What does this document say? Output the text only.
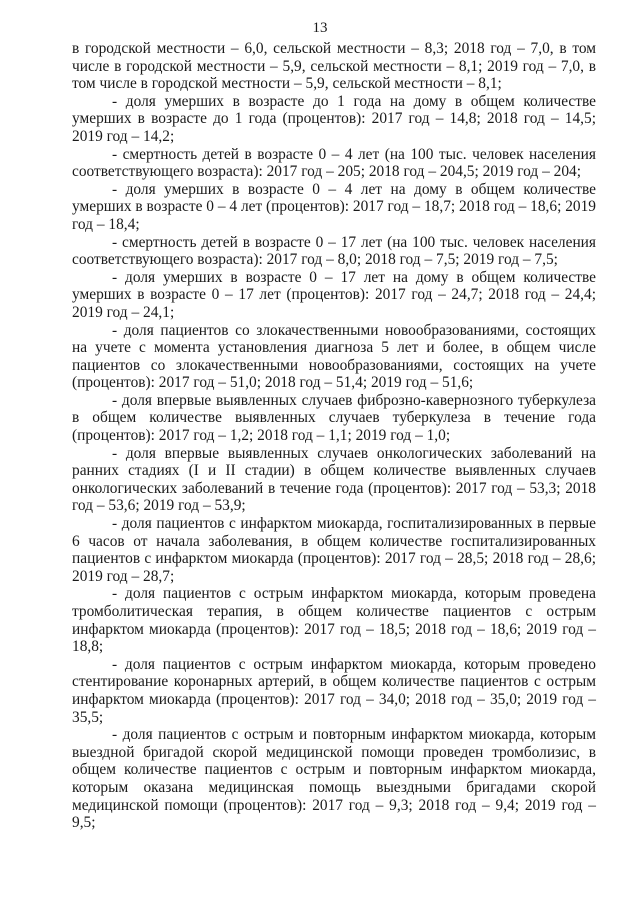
13

в городской местности – 6,0, сельской местности – 8,3; 2018 год – 7,0, в том числе в городской местности – 5,9, сельской местности – 8,1; 2019 год – 7,0, в том числе в городской местности – 5,9, сельской местности – 8,1;

- доля умерших в возрасте до 1 года на дому в общем количестве умерших в возрасте до 1 года (процентов): 2017 год – 14,8; 2018 год – 14,5; 2019 год – 14,2;

- смертность детей в возрасте 0 – 4 лет (на 100 тыс. человек населения соответствующего возраста): 2017 год – 205; 2018 год – 204,5; 2019 год – 204;

- доля умерших в возрасте 0 – 4 лет на дому в общем количестве умерших в возрасте 0 – 4 лет (процентов): 2017 год – 18,7; 2018 год – 18,6; 2019 год – 18,4;

- смертность детей в возрасте 0 – 17 лет (на 100 тыс. человек населения соответствующего возраста): 2017 год – 8,0; 2018 год – 7,5; 2019 год – 7,5;

- доля умерших в возрасте 0 – 17 лет на дому в общем количестве умерших в возрасте 0 – 17 лет (процентов): 2017 год – 24,7; 2018 год – 24,4; 2019 год – 24,1;

- доля пациентов со злокачественными новообразованиями, состоящих на учете с момента установления диагноза 5 лет и более, в общем числе пациентов со злокачественными новообразованиями, состоящих на учете (процентов): 2017 год – 51,0; 2018 год – 51,4; 2019 год – 51,6;

- доля впервые выявленных случаев фиброзно-кавернозного туберкулеза в общем количестве выявленных случаев туберкулеза в течение года (процентов): 2017 год – 1,2; 2018 год – 1,1; 2019 год – 1,0;

- доля впервые выявленных случаев онкологических заболеваний на ранних стадиях (I и II стадии) в общем количестве выявленных случаев онкологических заболеваний в течение года (процентов): 2017 год – 53,3; 2018 год – 53,6; 2019 год – 53,9;

- доля пациентов с инфарктом миокарда, госпитализированных в первые 6 часов от начала заболевания, в общем количестве госпитализированных пациентов с инфарктом миокарда (процентов): 2017 год – 28,5; 2018 год – 28,6; 2019 год – 28,7;

- доля пациентов с острым инфарктом миокарда, которым проведена тромболитическая терапия, в общем количестве пациентов с острым инфарктом миокарда (процентов): 2017 год – 18,5; 2018 год – 18,6; 2019 год – 18,8;

- доля пациентов с острым инфарктом миокарда, которым проведено стентирование коронарных артерий, в общем количестве пациентов с острым инфарктом миокарда (процентов): 2017 год – 34,0; 2018 год – 35,0; 2019 год – 35,5;

- доля пациентов с острым и повторным инфарктом миокарда, которым выездной бригадой скорой медицинской помощи проведен тромболизис, в общем количестве пациентов с острым и повторным инфарктом миокарда, которым оказана медицинская помощь выездными бригадами скорой медицинской помощи (процентов): 2017 год – 9,3; 2018 год – 9,4; 2019 год – 9,5;
